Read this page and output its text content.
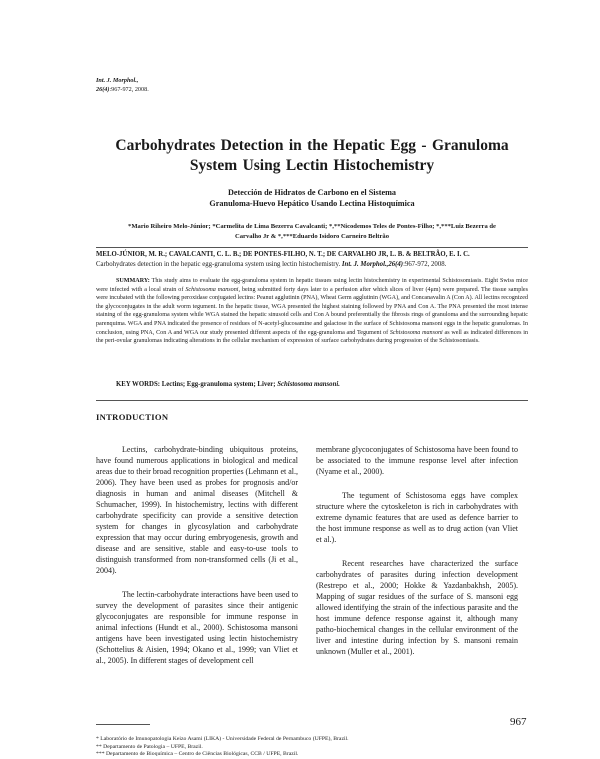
Int. J. Morphol.,
26(4):967-972, 2008.
Carbohydrates Detection in the Hepatic Egg - Granuloma
System Using Lectin Histochemistry
Detección de Hidratos de Carbono en el Sistema
Granuloma-Huevo Hepático Usando Lectina Histoquímica
*Mario Riheiro Melo-Júnior; *Carmelita de Lima Bezerra Cavalcanti; *,**Nicodemos Teles de Pontes-Filho; *,***Luiz Bezerra de
Carvalho Jr & *,***Eduardo Isidoro Carneiro Beltrão
MELO-JÚNIOR, M. R.; CAVALCANTI, C. L. B.; DE PONTES-FILHO, N. T.; DE CARVALHO JR, L. B. & BELTRÃO, E. I. C.
Carbohydrates detection in the hepatic egg-granuloma system using lectin histochemistry. Int. J. Morphol.,26(4):967-972, 2008.
SUMMARY: This study aims to evaluate the egg-granuloma system in hepatic tissues using lectin histochemistry in experimental Schistosomiasis. Eight Swiss mice were infected with a local strain of Schistosoma mansoni, being submitted forty days later to a perfusion after which slices of liver (4μm) were prepared. The tissue samples were incubated with the following peroxidase conjugated lectins: Peanut agglutinin (PNA), Wheat Germ agglutinin (WGA), and Concanavalin A (Con A). All lectins recognized the glycoconjugates in the adult worm tegument. In the hepatic tissue, WGA presented the highest staining followed by PNA and Con A. The PNA presented the most intense staining of the egg-granuloma system while WGA stained the hepatic sinusoid cells and Con A bound preferentially the fibrosis rings of granuloma and the surrounding hepatic parenquima. WGA and PNA indicated the presence of residues of N-acetyl-glucosamine and galactose in the surface of Schistosoma mansoni eggs in the hepatic granulomas. In conclusion, using PNA, Con A and WGA our study presented different aspects of the egg-granuloma and Tegument of Schistosoma mansoni as well as indicated differences in the peri-ovular granulomas indicating alterations in the cellular mechanism of expression of surface carbohydrates during progression of the Schistosomiasis.
KEY WORDS: Lectins; Egg-granuloma system; Liver; Schistosoma mansoni.
INTRODUCTION

Lectins, carbohydrate-binding ubiquitous proteins, have found numerous applications in biological and medical areas due to their broad recognition properties (Lehmann et al., 2006). They have been used as probes for prognosis and/or diagnosis in human and animal diseases (Mitchell & Schumacher, 1999). In histochemistry, lectins with different carbohydrate specificity can provide a sensitive detection system for changes in glycosylation and carbohydrate expression that may occur during embryogenesis, growth and disease and are sensitive, stable and easy-to-use tools to distinguish transformed from non-transformed cells (Ji et al., 2004).

The lectin-carbohydrate interactions have been used to survey the development of parasites since their antigenic glycoconjugates are responsible for immune response in animal infections (Hundt et al., 2000). Schistosoma mansoni antigens have been investigated using lectin histochemistry (Schottelius & Aisien, 1994; Okano et al., 1999; van Vliet et al., 2005). In different stages of development cell

membrane glycoconjugates of Schistosoma have been found to be associated to the immune response level after infection (Nyame et al., 2000).

The tegument of Schistosoma eggs have complex structure where the cytoskeleton is rich in carbohydrates with extreme dynamic features that are used as defence barrier to the host immune response as well as to drug action (van Vliet et al.).

Recent researches have characterized the surface carbohydrates of parasites during infection development (Restrepo et al., 2000; Hokke & Yazdanbakhsh, 2005). Mapping of sugar residues of the surface of S. mansoni egg allowed identifying the strain of the infectious parasite and the host immune defence response against it, although many patho-biochemical changes in the cellular environment of the liver and intestine during infection by S. mansoni remain unknown (Muller et al., 2001).

967
* Laboratório de Imunopatologia Keizo Asami (LIKA) - Universidade Federal de Pernambuco (UFPE), Brazil.
** Departamento de Patologia – UFPE, Brazil.
*** Departamento de Bioquímica – Centro de Ciências Biológicas, CCB / UFPE, Brazil.
